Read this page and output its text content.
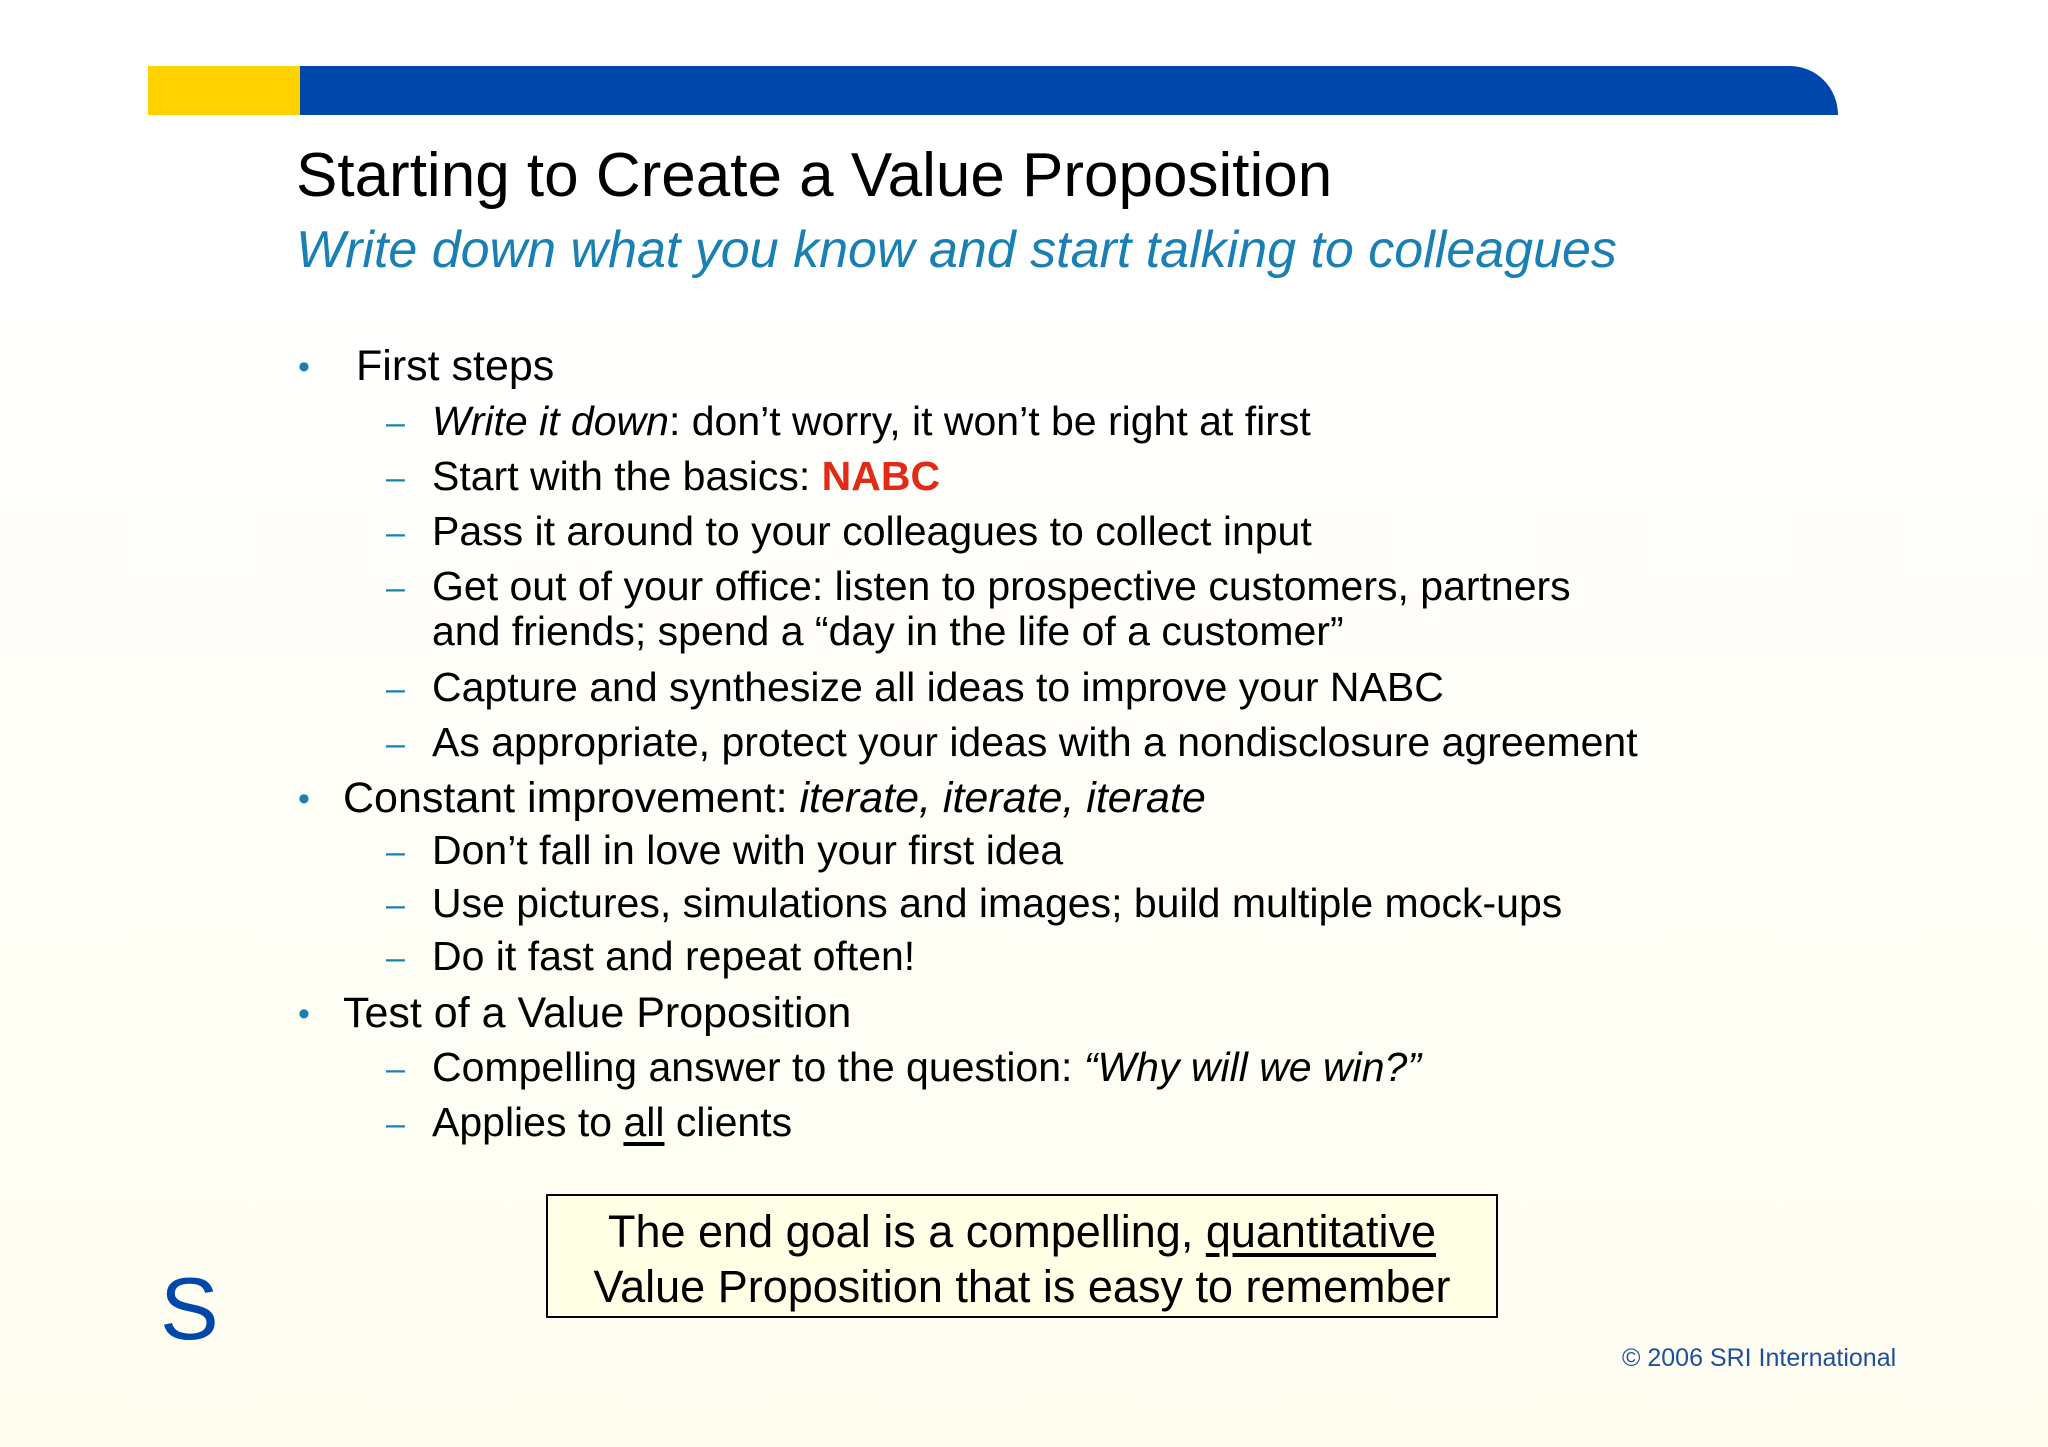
Starting to Create a Value Proposition
Write down what you know and start talking to colleagues
• First steps
– Write it down: don’t worry, it won’t be right at first
– Start with the basics: NABC
– Pass it around to your colleagues to collect input
– Get out of your office: listen to prospective customers, partners
and friends; spend a “day in the life of a customer”
– Capture and synthesize all ideas to improve your NABC
– As appropriate, protect your ideas with a nondisclosure agreement
• Constant improvement: iterate, iterate, iterate
– Don’t fall in love with your first idea
– Use pictures, simulations and images; build multiple mock-ups
– Do it fast and repeat often!
• Test of a Value Proposition
– Compelling answer to the question: “Why will we win?”
– Applies to all clients
The end goal is a compelling, quantitative
Value Proposition that is easy to remember
S	© 2006 SRI International
